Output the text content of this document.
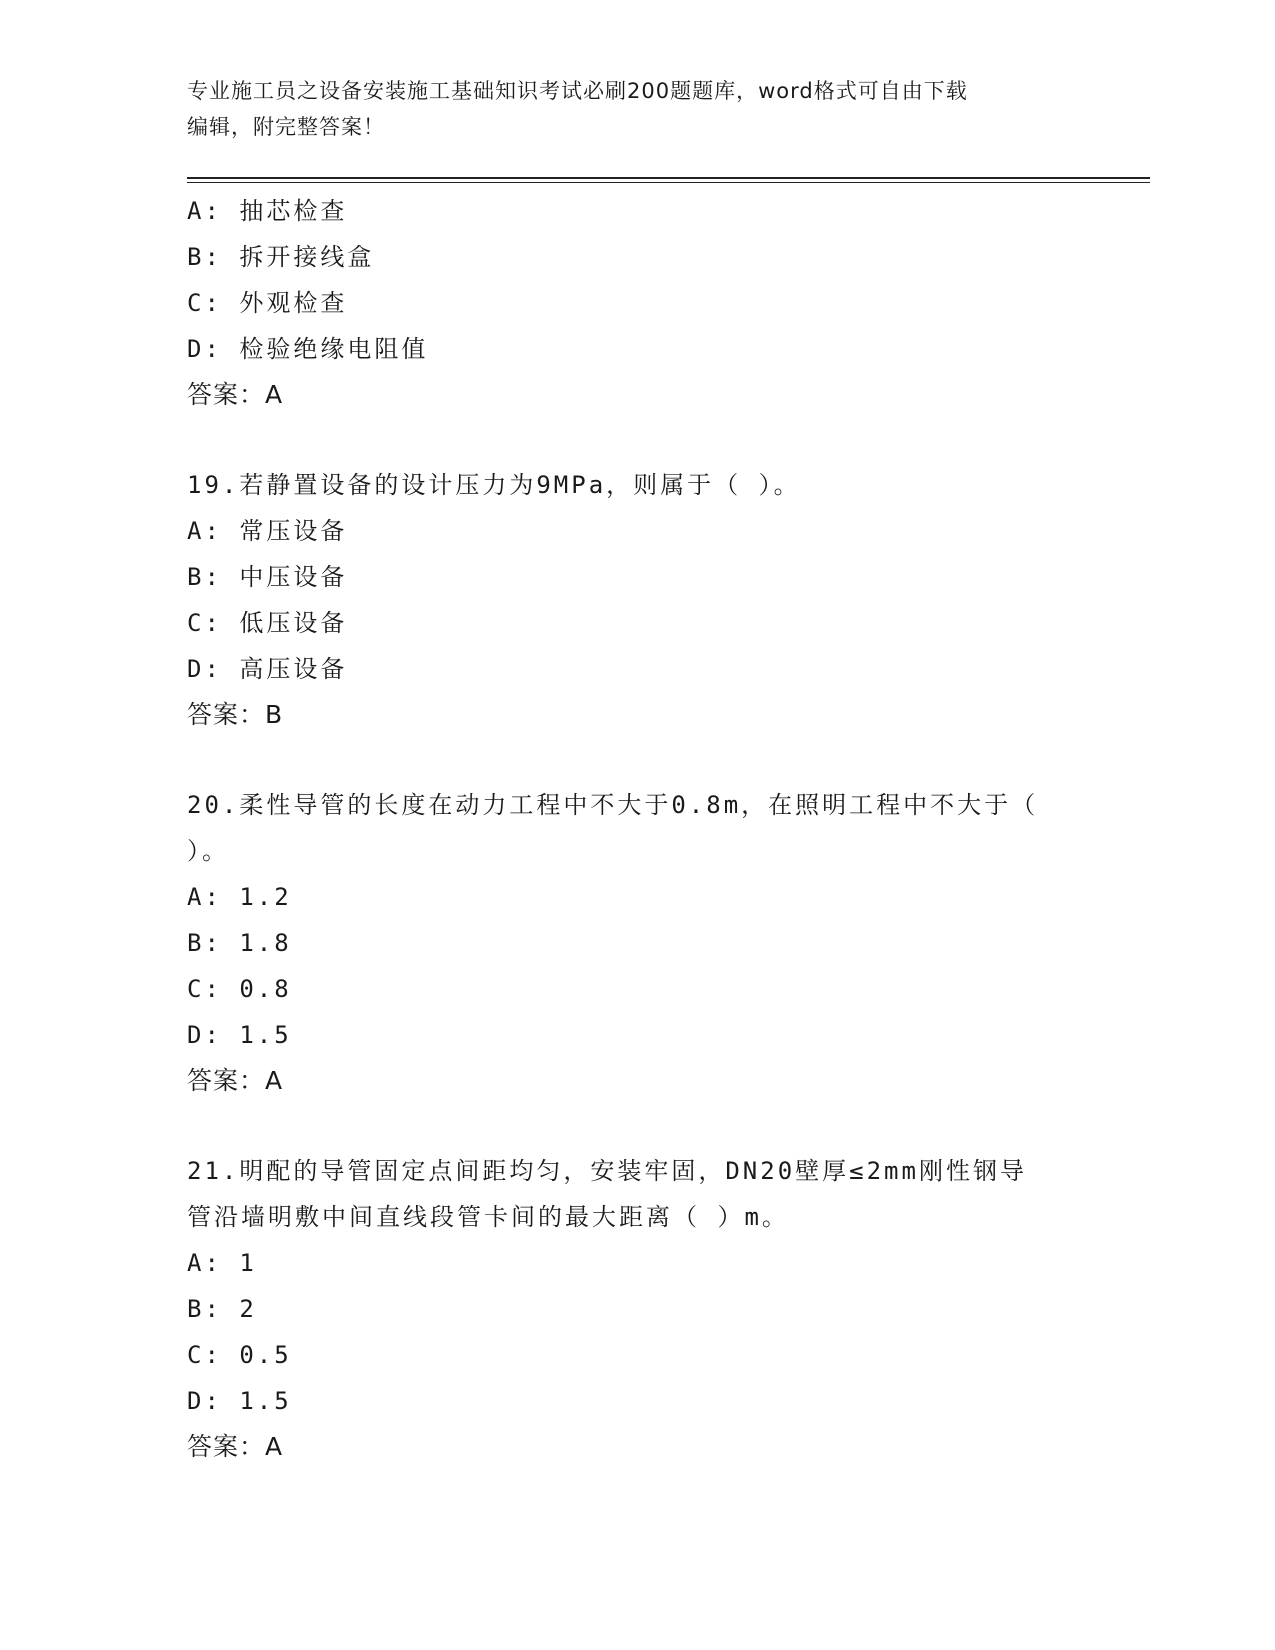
专业施工员之设备安装施工基础知识考试必刷200题题库，word格式可自由下载
编辑，附完整答案！
A: 抽芯检查
B: 拆开接线盒
C: 外观检查
D: 检验绝缘电阻值
答案：A
19.若静置设备的设计压力为9MPa，则属于（ ）。
A: 常压设备
B: 中压设备
C: 低压设备
D: 高压设备
答案：B
20.柔性导管的长度在动力工程中不大于0.8m，在照明工程中不大于（
）。
A: 1.2
B: 1.8
C: 0.8
D: 1.5
答案：A
21.明配的导管固定点间距均匀，安装牢固，DN20壁厚≤2mm刚性钢导
管沿墙明敷中间直线段管卡间的最大距离（ ）m。
A: 1
B: 2
C: 0.5
D: 1.5
答案：A
